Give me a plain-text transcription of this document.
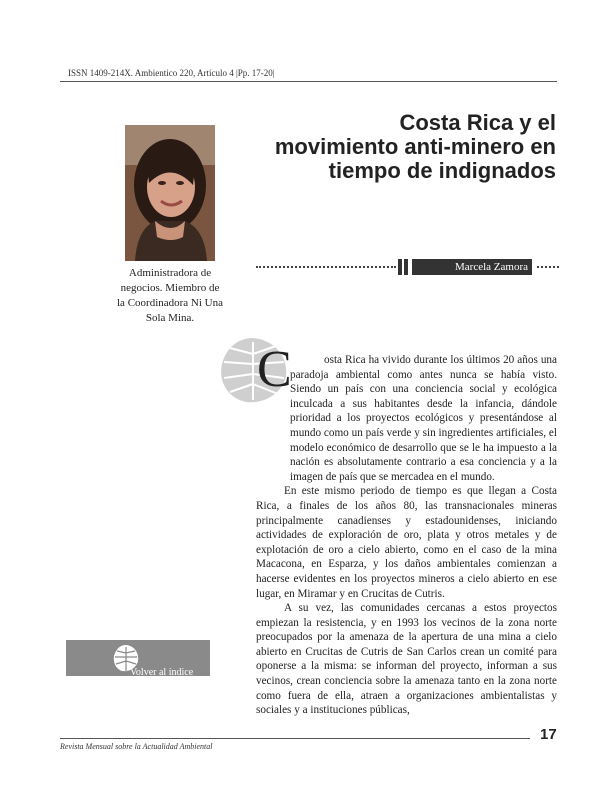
ISSN 1409-214X. Ambientico 220, Artículo 4 |Pp. 17-20|
Administradora de
negocios. Miembro de
la Coordinadora Ni Una
Sola Mina.
Costa Rica y el
movimiento anti-minero en
tiempo de indignados
Marcela Zamora
C	osta Rica ha vivido durante los últimos 20 años una paradoja ambiental como antes nunca se había visto. Siendo un país con una conciencia social y ecológica inculcada a sus habitantes desde la infancia, dándole prioridad a los proyectos ecológicos y presentándose al mundo como un país verde y sin ingredientes artificiales, el modelo económico de desarrollo que se le ha impuesto a la nación es absolutamente contrario a esa conciencia y a la imagen de país que se mercadea en el mundo.

En este mismo periodo de tiempo es que llegan a Costa Rica, a finales de los años 80, las transnacionales mineras principalmente canadienses y estadounidenses, iniciando actividades de exploración de oro, plata y otros metales y de explotación de oro a cielo abierto, como en el caso de la mina Macacona, en Esparza, y los daños ambientales comienzan a hacerse evidentes en los proyectos mineros a cielo abierto en ese lugar, en Miramar y en Crucitas de Cutris.

A su vez, las comunidades cercanas a estos proyectos empiezan la resistencia, y en 1993 los vecinos de la zona norte preocupados por la amenaza de la apertura de una mina a cielo abierto en Crucitas de Cutris de San Carlos crean un comité para oponerse a la misma: se informan del proyecto, informan a sus vecinos, crean conciencia sobre la amenaza tanto en la zona norte como fuera de ella, atraen a organizaciones ambientalistas y sociales y a instituciones públicas,

Volver al índice
Revista Mensual sobre la Actualidad Ambiental
17
